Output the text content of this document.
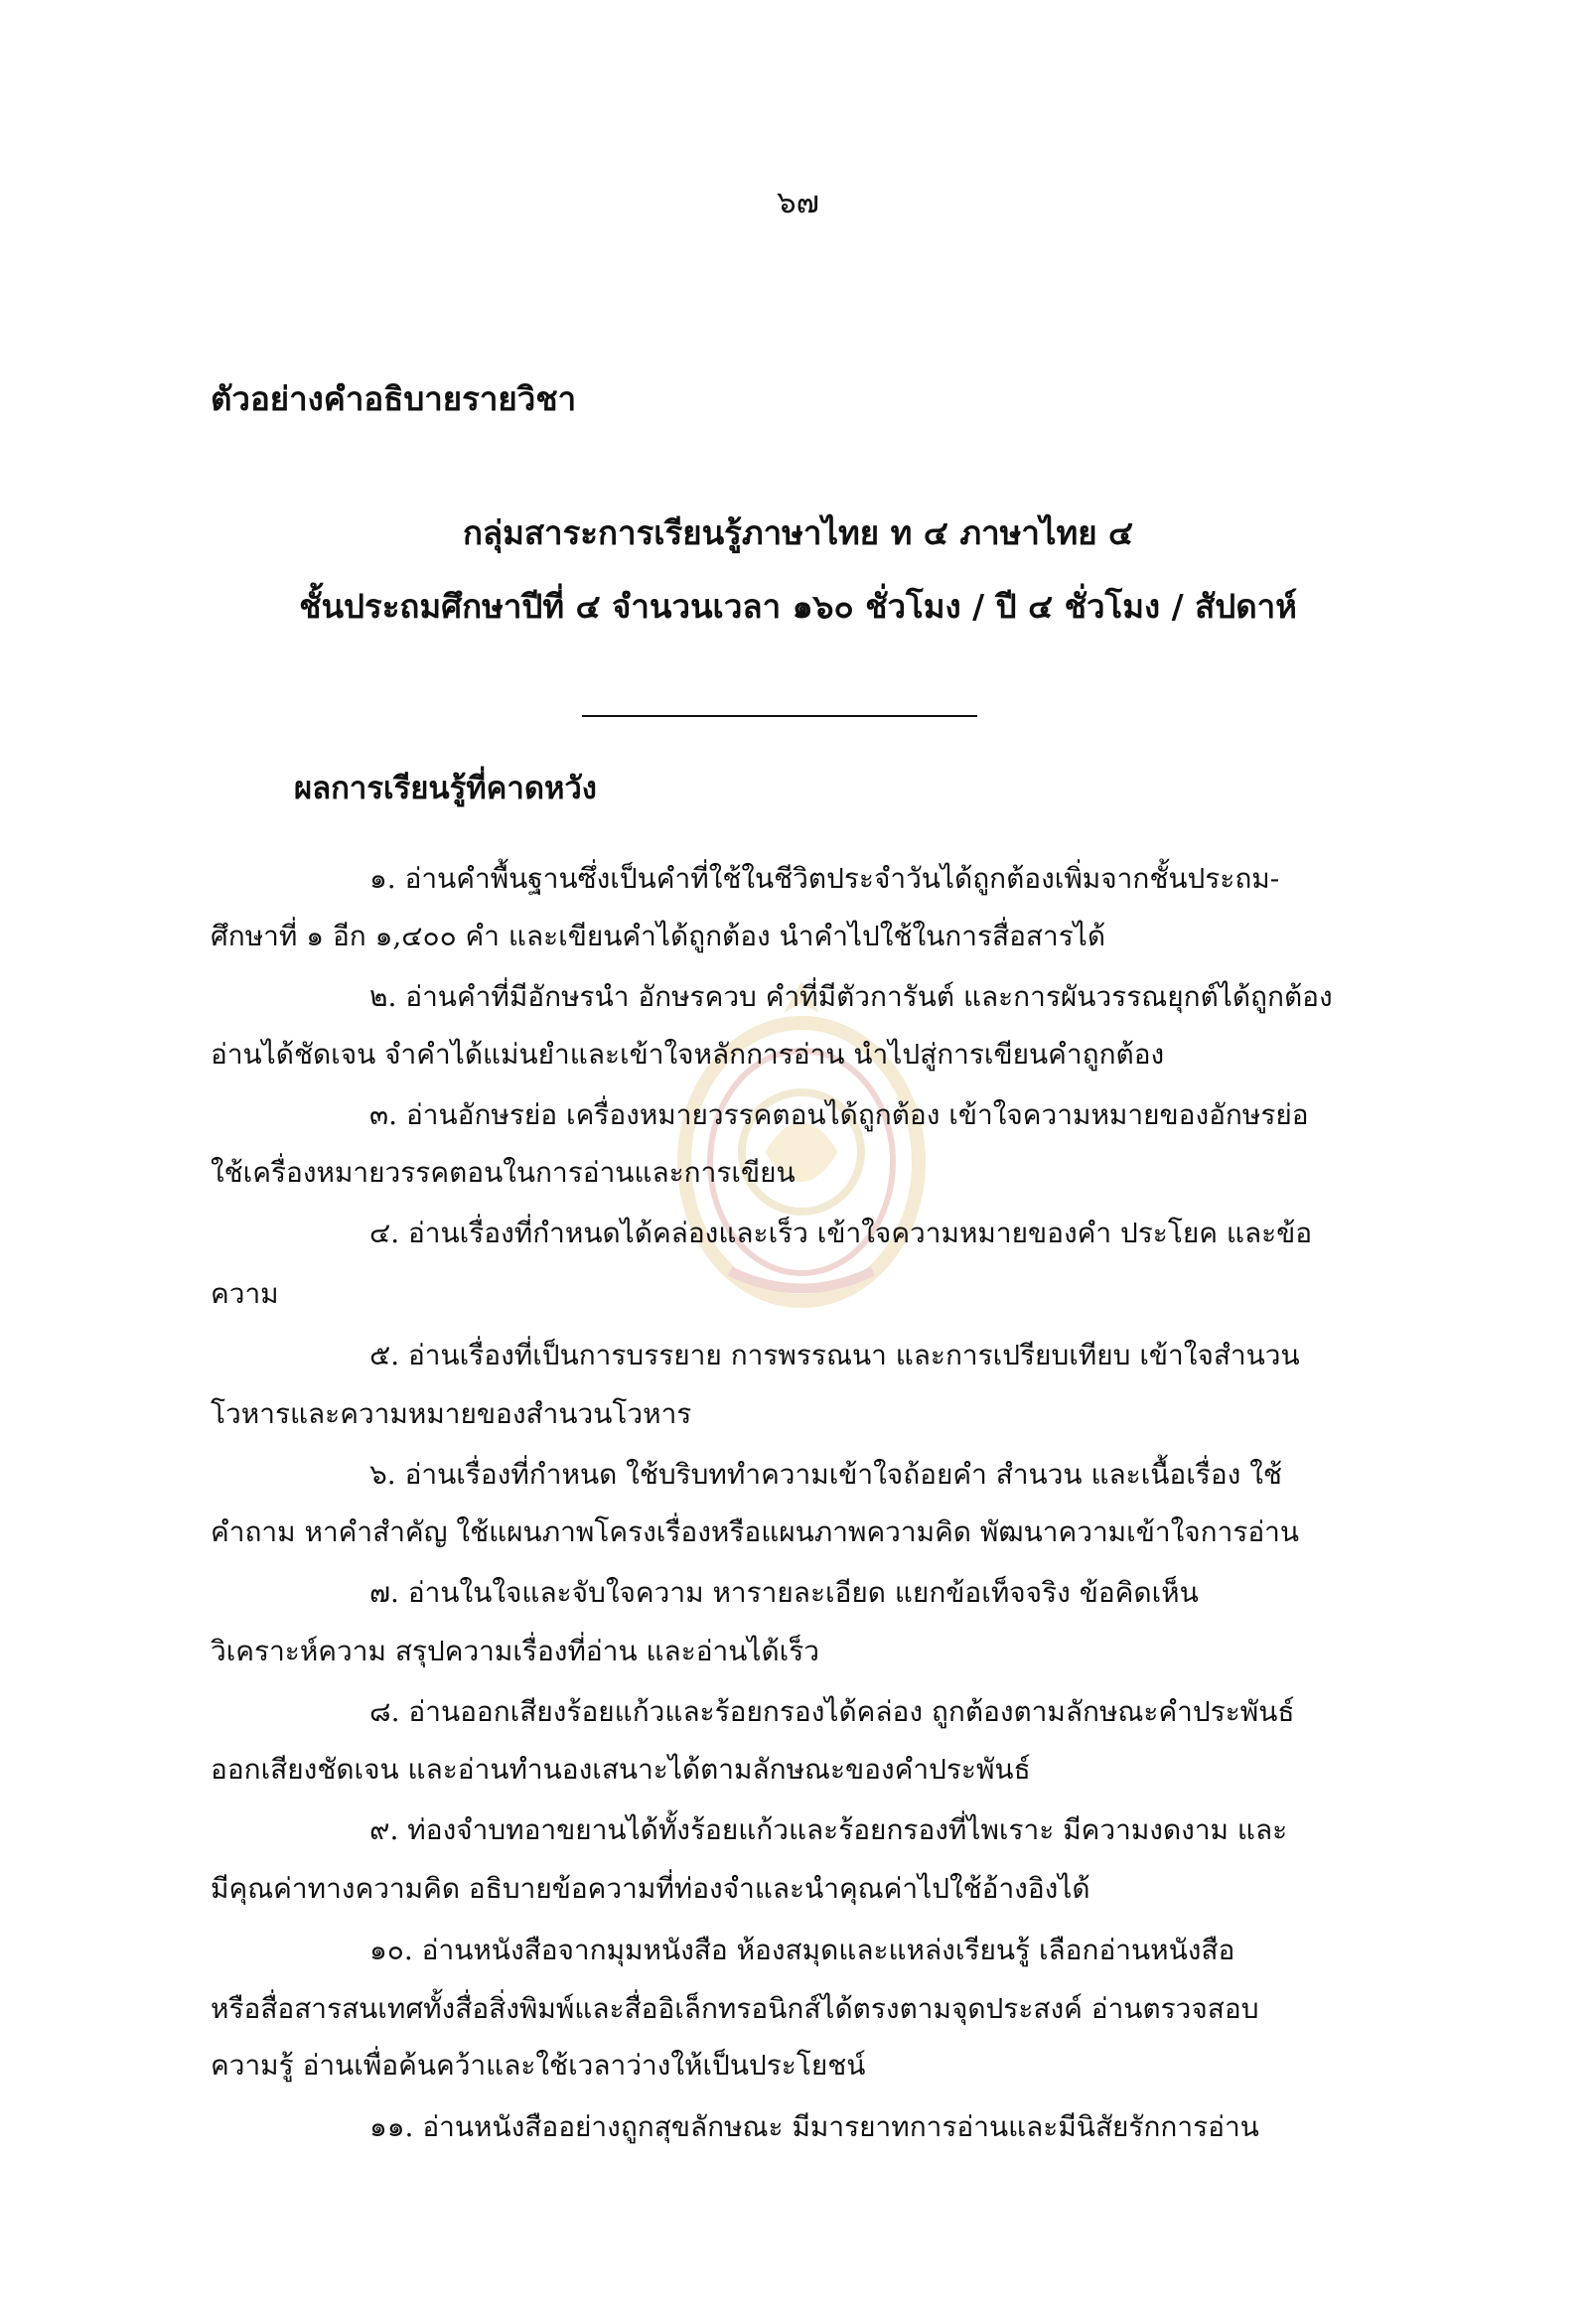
๖๗
ตัวอย่างคำอธิบายรายวิชา
กลุ่มสาระการเรียนรู้ภาษาไทย ท ๔ ภาษาไทย ๔
ชั้นประถมศึกษาปีที่ ๔ จำนวนเวลา ๑๖๐ ชั่วโมง / ปี ๔ ชั่วโมง / สัปดาห์
ผลการเรียนรู้ที่คาดหวัง
๑. อ่านคำพื้นฐานซึ่งเป็นคำที่ใช้ในชีวิตประจำวันได้ถูกต้องเพิ่มจากชั้นประถม-
ศึกษาที่ ๑ อีก ๑,๔๐๐ คำ และเขียนคำได้ถูกต้อง นำคำไปใช้ในการสื่อสารได้
๒. อ่านคำที่มีอักษรนำ อักษรควบ คำที่มีตัวการันต์ และการผันวรรณยุกต์ได้ถูกต้อง
อ่านได้ชัดเจน จำคำได้แม่นยำและเข้าใจหลักการอ่าน นำไปสู่การเขียนคำถูกต้อง
๓. อ่านอักษรย่อ เครื่องหมายวรรคตอนได้ถูกต้อง เข้าใจความหมายของอักษรย่อ
ใช้เครื่องหมายวรรคตอนในการอ่านและการเขียน
๔. อ่านเรื่องที่กำหนดได้คล่องและเร็ว เข้าใจความหมายของคำ ประโยค และข้อ
ความ
๕. อ่านเรื่องที่เป็นการบรรยาย การพรรณนา และการเปรียบเทียบ เข้าใจสำนวน
โวหารและความหมายของสำนวนโวหาร
๖. อ่านเรื่องที่กำหนด ใช้บริบททำความเข้าใจถ้อยคำ สำนวน และเนื้อเรื่อง ใช้
คำถาม หาคำสำคัญ ใช้แผนภาพโครงเรื่องหรือแผนภาพความคิด พัฒนาความเข้าใจการอ่าน
๗. อ่านในใจและจับใจความ หารายละเอียด แยกข้อเท็จจริง ข้อคิดเห็น
วิเคราะห์ความ สรุปความเรื่องที่อ่าน และอ่านได้เร็ว
๘. อ่านออกเสียงร้อยแก้วและร้อยกรองได้คล่อง ถูกต้องตามลักษณะคำประพันธ์
ออกเสียงชัดเจน และอ่านทำนองเสนาะได้ตามลักษณะของคำประพันธ์
๙. ท่องจำบทอาขยานได้ทั้งร้อยแก้วและร้อยกรองที่ไพเราะ มีความงดงาม และ
มีคุณค่าทางความคิด อธิบายข้อความที่ท่องจำและนำคุณค่าไปใช้อ้างอิงได้
๑๐. อ่านหนังสือจากมุมหนังสือ ห้องสมุดและแหล่งเรียนรู้ เลือกอ่านหนังสือ
หรือสื่อสารสนเทศทั้งสื่อสิ่งพิมพ์และสื่ออิเล็กทรอนิกส์ได้ตรงตามจุดประสงค์ อ่านตรวจสอบ
ความรู้ อ่านเพื่อค้นคว้าและใช้เวลาว่างให้เป็นประโยชน์
๑๑. อ่านหนังสืออย่างถูกสุขลักษณะ มีมารยาทการอ่านและมีนิสัยรักการอ่าน
